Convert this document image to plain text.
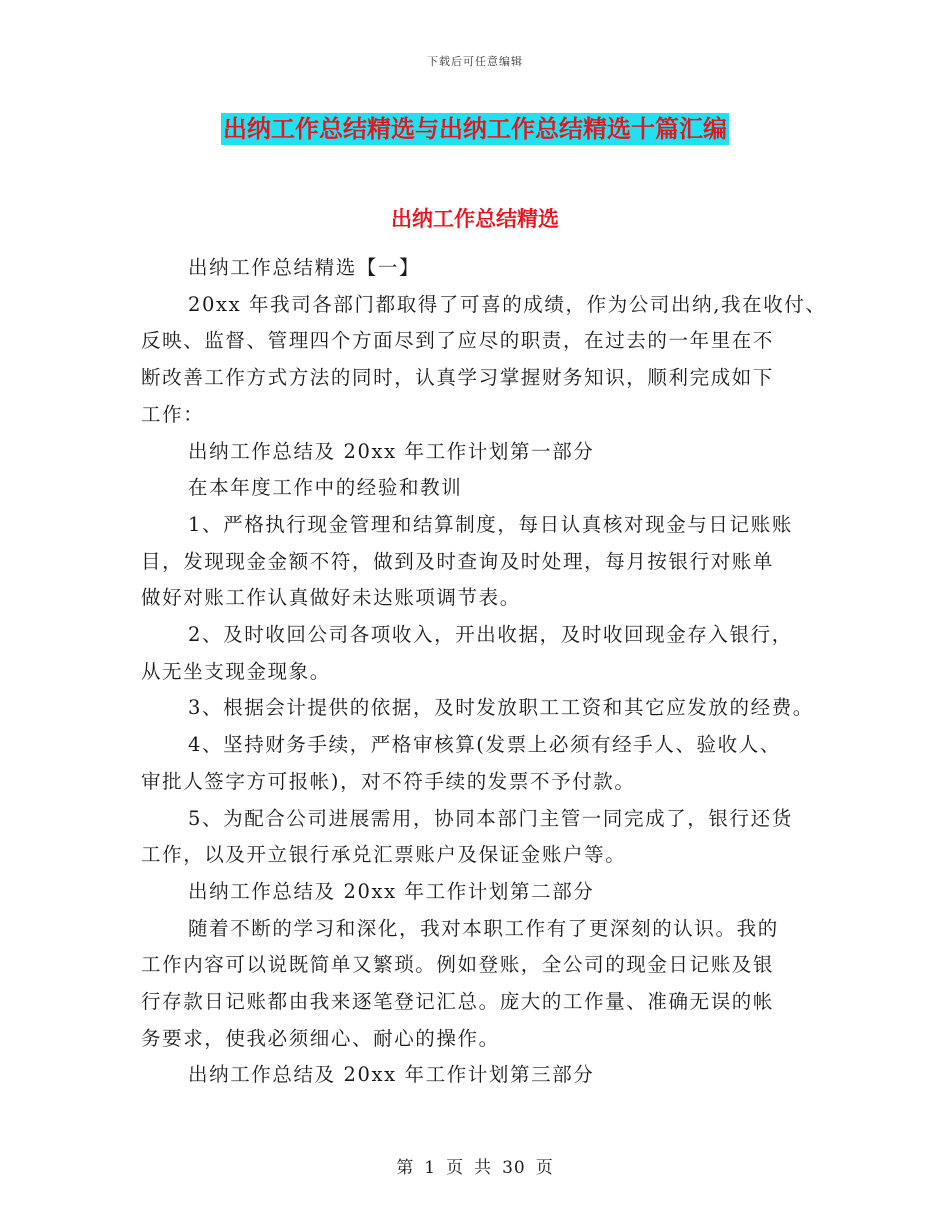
下载后可任意编辑
出纳工作总结精选与出纳工作总结精选十篇汇编
出纳工作总结精选

出纳工作总结精选【一】

20xx 年我司各部门都取得了可喜的成绩，作为公司出纳,我在收付、

反映、监督、管理四个方面尽到了应尽的职责，在过去的一年里在不

断改善工作方式方法的同时，认真学习掌握财务知识，顺利完成如下

工作：

出纳工作总结及 20xx 年工作计划第一部分

在本年度工作中的经验和教训

1、严格执行现金管理和结算制度，每日认真核对现金与日记账账

目，发现现金金额不符，做到及时查询及时处理，每月按银行对账单

做好对账工作认真做好未达账项调节表。

2、及时收回公司各项收入，开出收据，及时收回现金存入银行，

从无坐支现金现象。

3、根据会计提供的依据，及时发放职工工资和其它应发放的经费。

4、坚持财务手续，严格审核算(发票上必须有经手人、验收人、

审批人签字方可报帐)，对不符手续的发票不予付款。

5、为配合公司进展需用，协同本部门主管一同完成了，银行还货

工作，以及开立银行承兑汇票账户及保证金账户等。

出纳工作总结及 20xx 年工作计划第二部分

随着不断的学习和深化，我对本职工作有了更深刻的认识。我的

工作内容可以说既简单又繁琐。例如登账，全公司的现金日记账及银

行存款日记账都由我来逐笔登记汇总。庞大的工作量、准确无误的帐

务要求，使我必须细心、耐心的操作。

出纳工作总结及 20xx 年工作计划第三部分

第 1 页 共 30 页
